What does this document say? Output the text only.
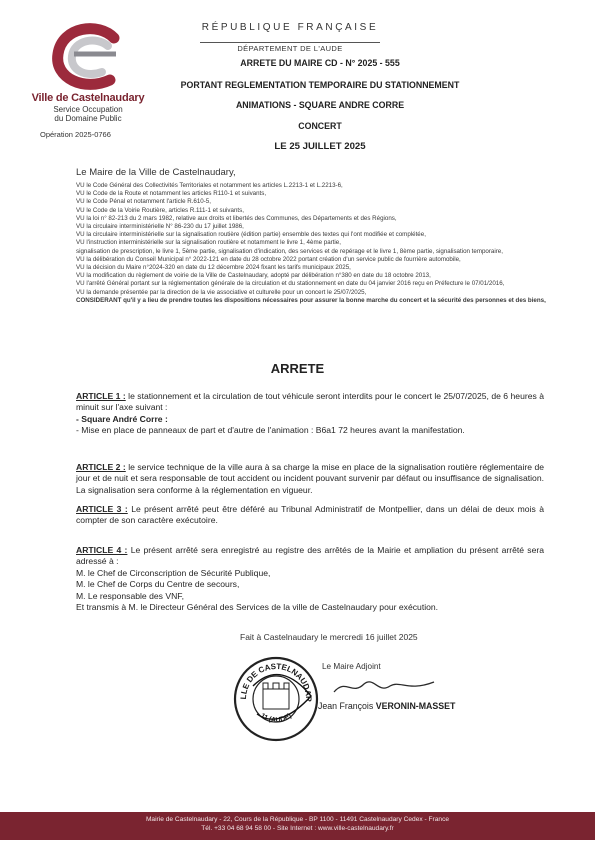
Ville de Castelnaudary
Service Occupation
du Domaine Public
Opération 2025-0766
RÉPUBLIQUE FRANÇAISE
DÉPARTEMENT DE L'AUDE
ARRETE DU MAIRE CD - N° 2025 - 555
PORTANT REGLEMENTATION TEMPORAIRE DU STATIONNEMENT
ANIMATIONS - SQUARE ANDRE CORRE
CONCERT
LE 25 JUILLET 2025
Le Maire de la Ville de Castelnaudary,
VU le Code Général des Collectivités Territoriales et notamment les articles L.2213-1 et L.2213-6,
VU le Code de la Route et notamment les articles R110-1 et suivants,
VU le Code Pénal et notamment l'article R.610-5,
VU le Code de la Voirie Routière, articles R.111-1 et suivants,
VU la loi n° 82-213 du 2 mars 1982, relative aux droits et libertés des Communes, des Départements et des Régions,
VU la circulaire interministérielle N° 86-230 du 17 juillet 1986,
VU la circulaire interministérielle sur la signalisation routière (édition partie) ensemble des textes qui l'ont modifiée et complétée,
VU l'instruction interministérielle sur la signalisation routière et notamment le livre 1, 4ème partie,
signalisation de prescription, le livre 1, 5ème partie, signalisation d'indication, des services et de repérage et le livre 1, 8ème partie, signalisation temporaire,
VU la délibération du Conseil Municipal n° 2022-121 en date du 28 octobre 2022 portant création d'un service public de fourrière automobile,
VU la décision du Maire n°2024-320 en date du 12 décembre 2024 fixant les tarifs municipaux 2025,
VU la modification du règlement de voirie de la Ville de Castelnaudary, adopté par délibération n°380 en date du 18 octobre 2013,
VU l'arrêté Général portant sur la réglementation générale de la circulation et du stationnement en date du 04 janvier 2016 reçu en Préfecture le 07/01/2016,
VU la demande présentée par la direction de la vie associative et culturelle pour un concert le 25/07/2025,
CONSIDERANT qu'il y a lieu de prendre toutes les dispositions nécessaires pour assurer la bonne marche du concert et la sécurité des personnes et des biens,
ARRETE
ARTICLE 1 : le stationnement et la circulation de tout véhicule seront interdits pour le concert le 25/07/2025, de 6 heures à minuit sur l'axe suivant :
- Square André Corre :
- Mise en place de panneaux de part et d'autre de l'animation : B6a1 72 heures avant la manifestation.
ARTICLE 2 : le service technique de la ville aura à sa charge la mise en place de la signalisation routière réglementaire de jour et de nuit et sera responsable de tout accident ou incident pouvant survenir par défaut ou insuffisance de signalisation. La signalisation sera conforme à la réglementation en vigueur.
ARTICLE 3 : Le présent arrêté peut être déféré au Tribunal Administratif de Montpellier, dans un délai de deux mois à compter de son caractère exécutoire.
ARTICLE 4 : Le présent arrêté sera enregistré au registre des arrêtés de la Mairie et ampliation du présent arrêté sera adressé à :
M. le Chef de Circonscription de Sécurité Publique,
M. le Chef de Corps du Centre de secours,
M. Le responsable des VNF,
Et transmis à M. le Directeur Général des Services de la ville de Castelnaudary pour exécution.
Fait à Castelnaudary le mercredi 16 juillet 2025
LLE DE CASTELNAUDAR
11 (AUDE)
Le Maire Adjoint
Jean François VERONIN-MASSET
Mairie de Castelnaudary - 22, Cours de la République - BP 1100 - 11491 Castelnaudary Cedex - France
Tél. +33 04 68 94 58 00 - Site Internet : www.ville-castelnaudary.fr
